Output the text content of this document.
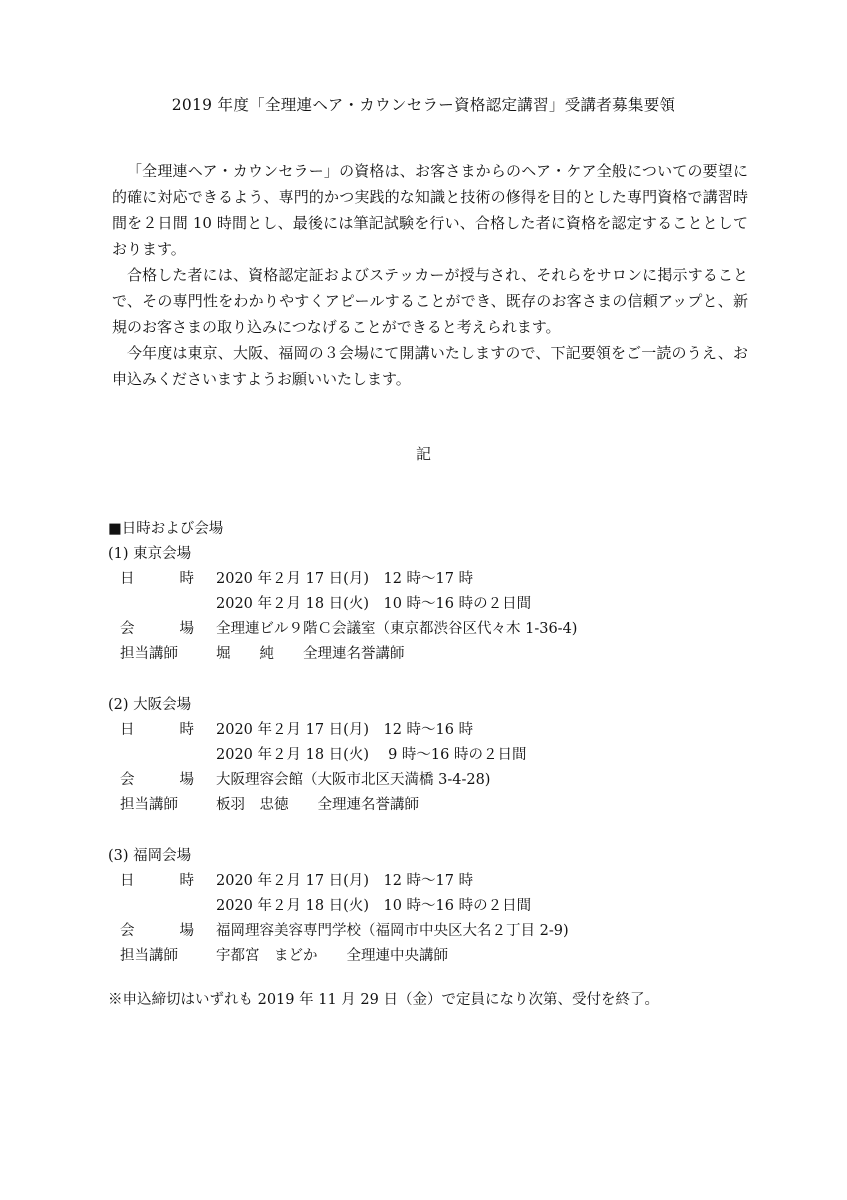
2019 年度「全理連ヘア・カウンセラー資格認定講習」受講者募集要領

「全理連ヘア・カウンセラー」の資格は、お客さまからのヘア・ケア全般についての要望に的確に対応できるよう、専門的かつ実践的な知識と技術の修得を目的とした専門資格で講習時間を２日間 10 時間とし、最後には筆記試験を行い、合格した者に資格を認定することとしております。

合格した者には、資格認定証およびステッカーが授与され、それらをサロンに掲示することで、その専門性をわかりやすくアピールすることができ、既存のお客さまの信頼アップと、新規のお客さまの取り込みにつなげることができると考えられます。

今年度は東京、大阪、福岡の３会場にて開講いたしますので、下記要領をご一読のうえ、お申込みくださいますようお願いいたします。

記
■日時および会場
(1) 東京会場
日	時 2020 年２月 17 日(月)　12 時～17 時
2020 年２月 18 日(火)　10 時～16 時の２日間
会	場 全理連ビル９階Ｃ会議室（東京都渋谷区代々木 1-36-4)
担当講師	堀　　純　　全理連名誉講師
(2) 大阪会場
日	時 2020 年２月 17 日(月)　12 時～16 時
2020 年２月 18 日(火)　 9 時～16 時の２日間
会	場 大阪理容会館（大阪市北区天満橋 3-4-28)
担当講師	板羽　忠徳　　全理連名誉講師
(3) 福岡会場
日	時 2020 年２月 17 日(月)　12 時～17 時
2020 年２月 18 日(火)　10 時～16 時の２日間
会	場 福岡理容美容専門学校（福岡市中央区大名２丁目 2-9)
担当講師	宇都宮　まどか　　全理連中央講師
※申込締切はいずれも 2019 年 11 月 29 日（金）で定員になり次第、受付を終了。
